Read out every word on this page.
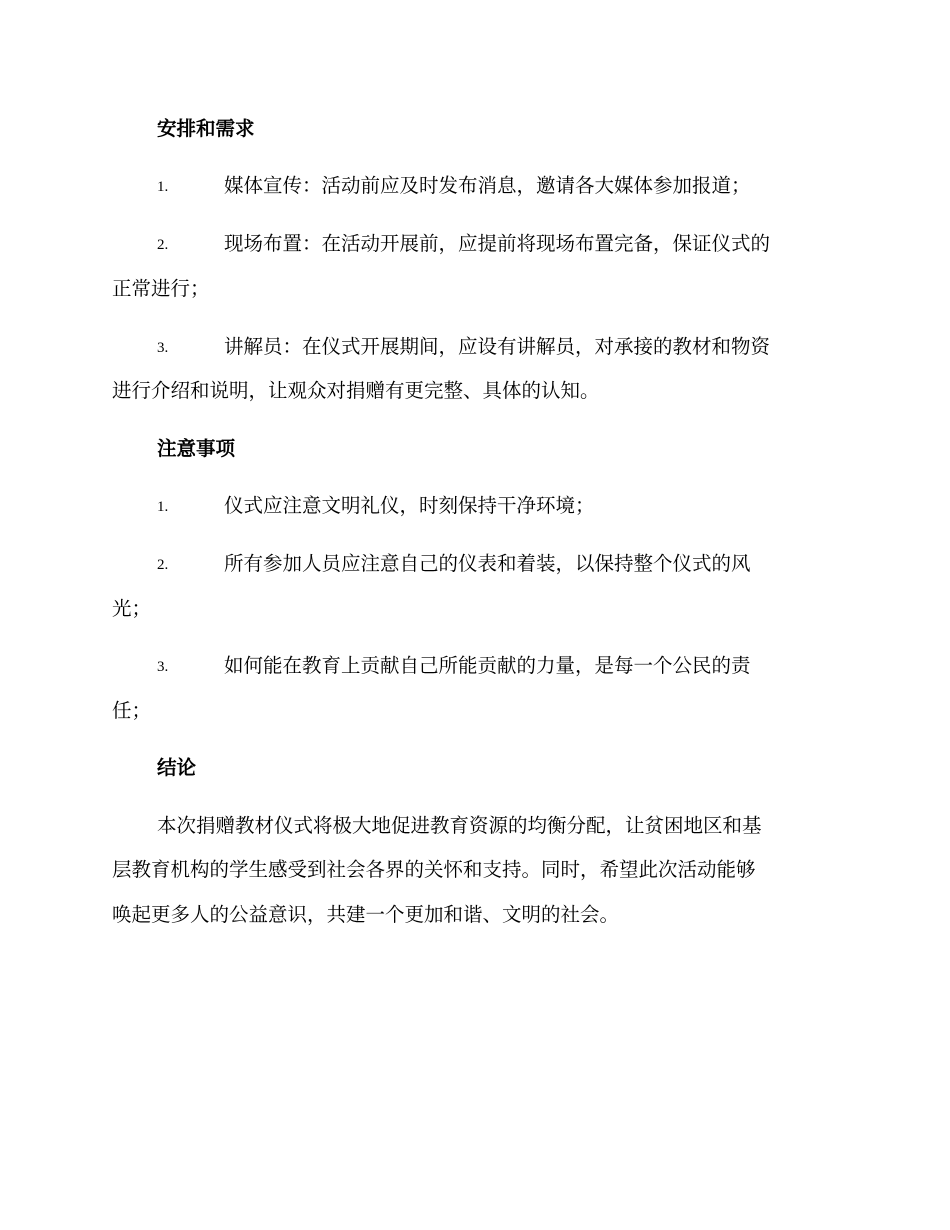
安排和需求
1.	媒体宣传：活动前应及时发布消息，邀请各大媒体参加报道；
2.	现场布置：在活动开展前，应提前将现场布置完备，保证仪式的
正常进行；
3.	讲解员：在仪式开展期间，应设有讲解员，对承接的教材和物资
进行介绍和说明，让观众对捐赠有更完整、具体的认知。
注意事项
1.	仪式应注意文明礼仪，时刻保持干净环境；
2.	所有参加人员应注意自己的仪表和着装，以保持整个仪式的风
光；
3.	如何能在教育上贡献自己所能贡献的力量，是每一个公民的责
任；
结论
本次捐赠教材仪式将极大地促进教育资源的均衡分配，让贫困地区和基
层教育机构的学生感受到社会各界的关怀和支持。同时，希望此次活动能够
唤起更多人的公益意识，共建一个更加和谐、文明的社会。
